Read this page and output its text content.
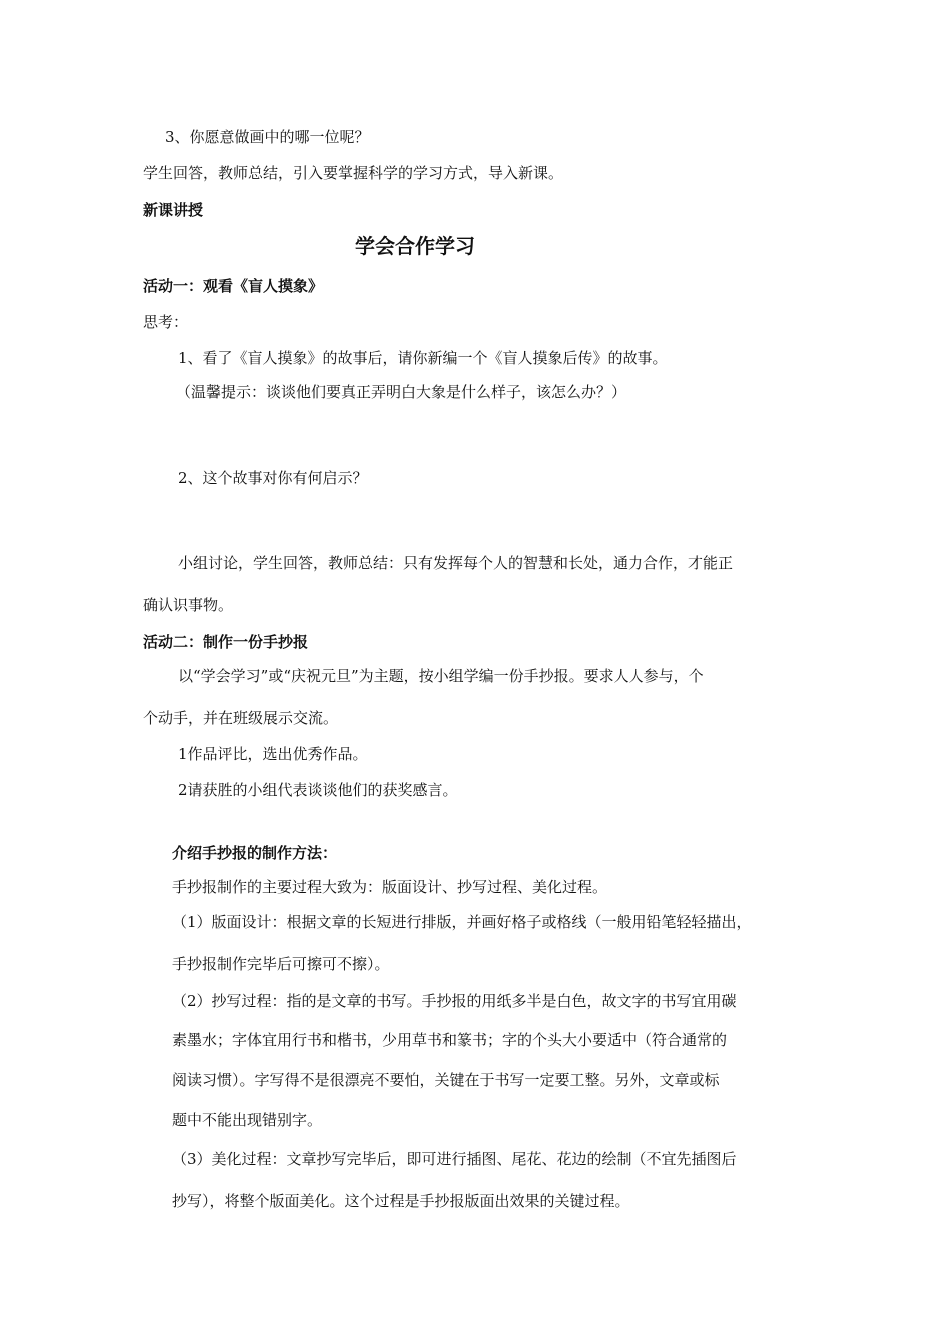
3、你愿意做画中的哪一位呢？
学生回答，教师总结，引入要掌握科学的学习方式，导入新课。
新课讲授
学会合作学习
活动一：观看《盲人摸象》
思考：
1、看了《盲人摸象》的故事后，请你新编一个《盲人摸象后传》的故事。
（温馨提示：谈谈他们要真正弄明白大象是什么样子，该怎么办？）
2、这个故事对你有何启示？
小组讨论，学生回答，教师总结：只有发挥每个人的智慧和长处，通力合作，才能正
确认识事物。
活动二：制作一份手抄报
以“学会学习”或“庆祝元旦”为主题，按小组学编一份手抄报。要求人人参与，个
个动手，并在班级展示交流。
1作品评比，选出优秀作品。
2请获胜的小组代表谈谈他们的获奖感言。
介绍手抄报的制作方法：
手抄报制作的主要过程大致为：版面设计、抄写过程、美化过程。
（1）版面设计：根据文章的长短进行排版，并画好格子或格线（一般用铅笔轻轻描出，
手抄报制作完毕后可擦可不擦）。
（2）抄写过程：指的是文章的书写。手抄报的用纸多半是白色，故文字的书写宜用碳
素墨水；字体宜用行书和楷书，少用草书和篆书；字的个头大小要适中（符合通常的
阅读习惯）。字写得不是很漂亮不要怕，关键在于书写一定要工整。另外，文章或标
题中不能出现错别字。
（3）美化过程：文章抄写完毕后，即可进行插图、尾花、花边的绘制（不宜先插图后
抄写），将整个版面美化。这个过程是手抄报版面出效果的关键过程。
